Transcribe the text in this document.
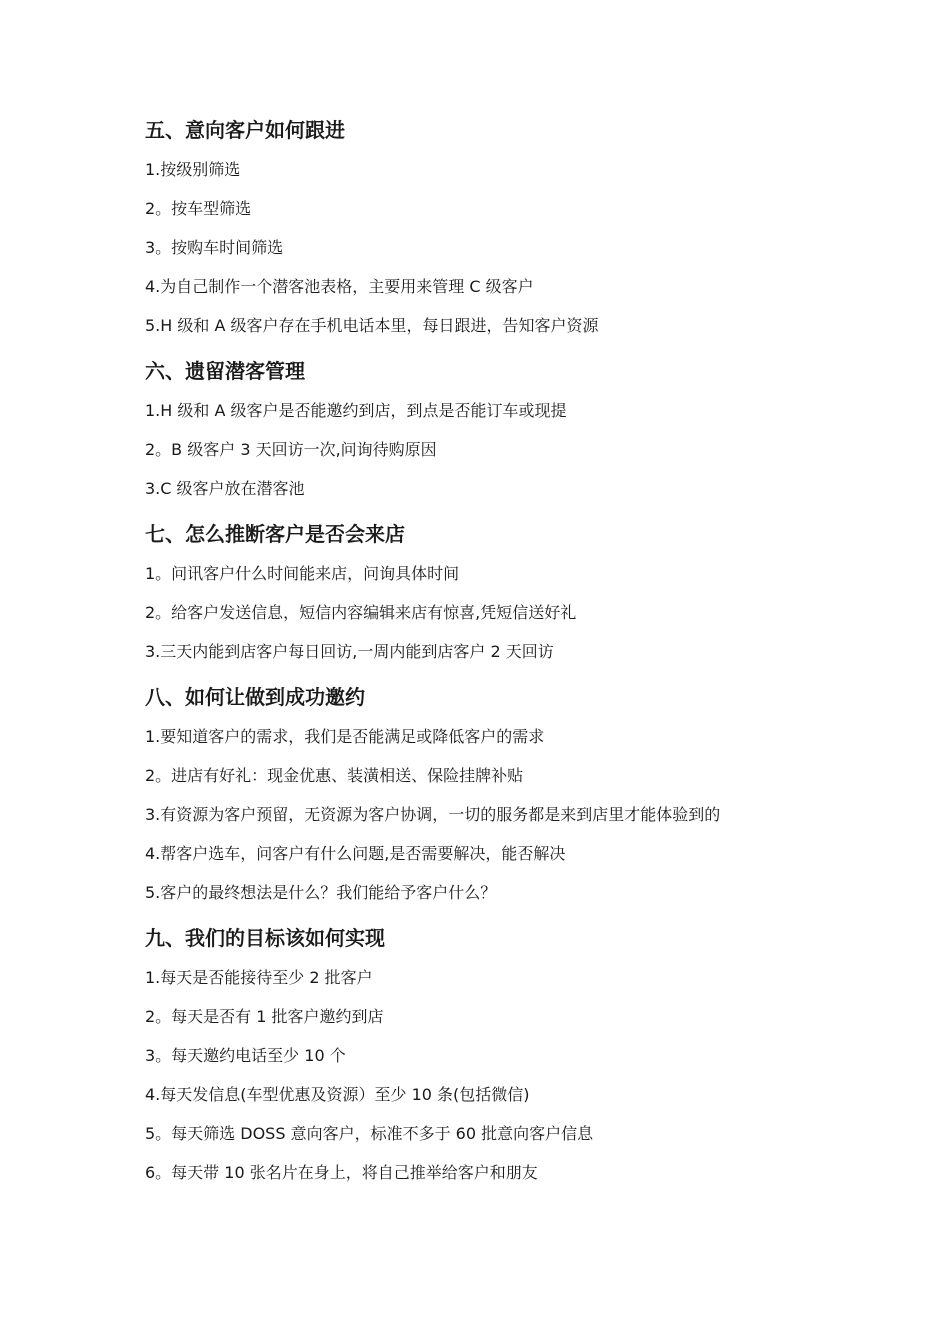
五、意向客户如何跟进
1.按级别筛选
2。按车型筛选
3。按购车时间筛选
4.为自己制作一个潜客池表格，主要用来管理 C 级客户
5.H 级和 A 级客户存在手机电话本里，每日跟进，告知客户资源
六、遗留潜客管理
1.H 级和 A 级客户是否能邀约到店，到点是否能订车或现提
2。B 级客户 3 天回访一次,问询待购原因
3.C 级客户放在潜客池
七、怎么推断客户是否会来店
1。问讯客户什么时间能来店，问询具体时间
2。给客户发送信息，短信内容编辑来店有惊喜,凭短信送好礼
3.三天内能到店客户每日回访,一周内能到店客户 2 天回访
八、如何让做到成功邀约
1.要知道客户的需求，我们是否能满足或降低客户的需求
2。进店有好礼：现金优惠、装潢相送、保险挂牌补贴
3.有资源为客户预留，无资源为客户协调，一切的服务都是来到店里才能体验到的
4.帮客户选车，问客户有什么问题,是否需要解决，能否解决
5.客户的最终想法是什么？我们能给予客户什么？
九、我们的目标该如何实现
1.每天是否能接待至少 2 批客户
2。每天是否有 1 批客户邀约到店
3。每天邀约电话至少 10 个
4.每天发信息(车型优惠及资源）至少 10 条(包括微信)
5。每天筛选 DOSS 意向客户，标准不多于 60 批意向客户信息
6。每天带 10 张名片在身上，将自己推举给客户和朋友
